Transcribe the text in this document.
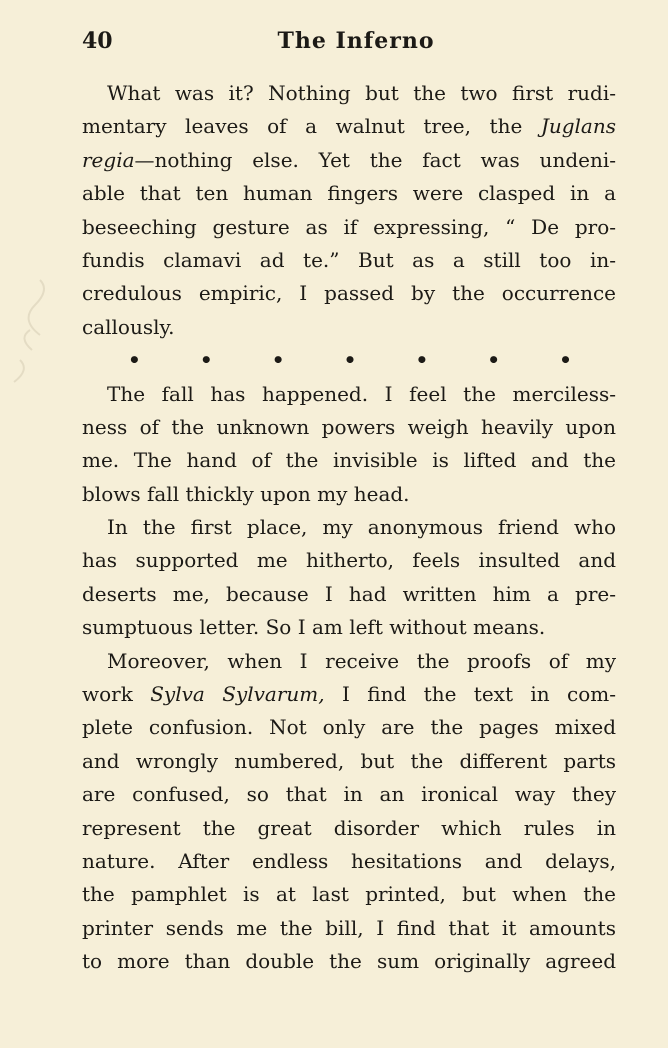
40	The Inferno
What was it? Nothing but the two first rudi-
mentary leaves of a walnut tree, the Juglans
regia—nothing else. Yet the fact was undeni-
able that ten human fingers were clasped in a
beseeching gesture as if expressing, “ De pro-
fundis clamavi ad te.” But as a still too in-
credulous empiric, I passed by the occurrence
callously.
•	•	•	•	•	•	•
The fall has happened. I feel the merciless-
ness of the unknown powers weigh heavily upon
me. The hand of the invisible is lifted and the
blows fall thickly upon my head.
In the first place, my anonymous friend who
has supported me hitherto, feels insulted and
deserts me, because I had written him a pre-
sumptuous letter. So I am left without means.
Moreover, when I receive the proofs of my
work Sylva Sylvarum, I find the text in com-
plete confusion. Not only are the pages mixed
and wrongly numbered, but the different parts
are confused, so that in an ironical way they
represent the great disorder which rules in
nature. After endless hesitations and delays,
the pamphlet is at last printed, but when the
printer sends me the bill, I find that it amounts
to more than double the sum originally agreed
